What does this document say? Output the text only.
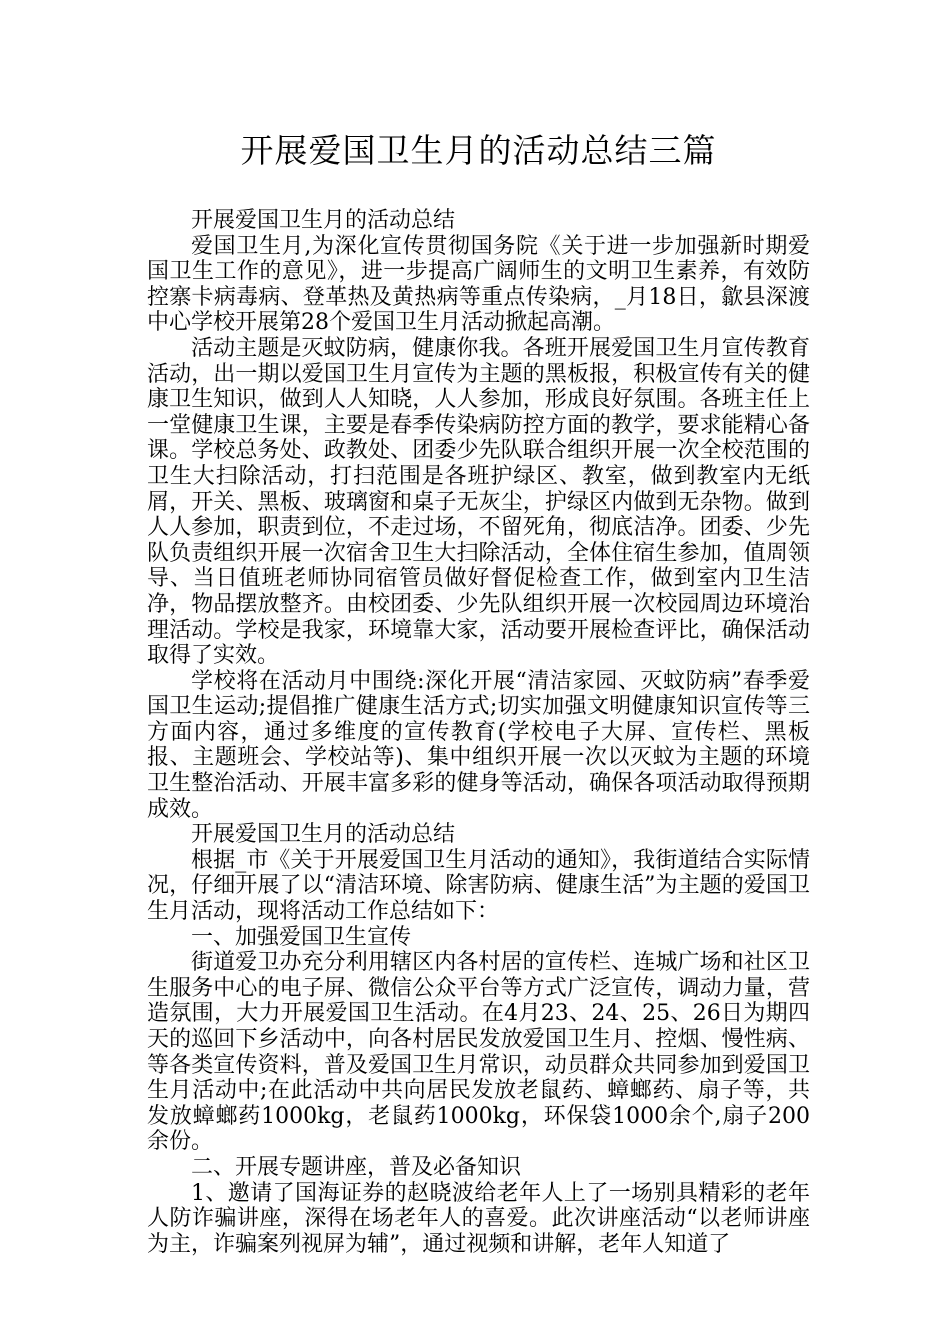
开展爱国卫生月的活动总结三篇

开展爱国卫生月的活动总结

爱国卫生月,为深化宣传贯彻国务院《关于进一步加强新时期爱国卫生工作的意见》，进一步提高广阔师生的文明卫生素养，有效防控寨卡病毒病、登革热及黄热病等重点传染病，_月18日，歙县深渡中心学校开展第28个爱国卫生月活动掀起高潮。

活动主题是灭蚊防病，健康你我。各班开展爱国卫生月宣传教育活动，出一期以爱国卫生月宣传为主题的黑板报，积极宣传有关的健康卫生知识，做到人人知晓，人人参加，形成良好氛围。各班主任上一堂健康卫生课，主要是春季传染病防控方面的教学，要求能精心备课。学校总务处、政教处、团委少先队联合组织开展一次全校范围的卫生大扫除活动，打扫范围是各班护绿区、教室，做到教室内无纸屑，开关、黑板、玻璃窗和桌子无灰尘，护绿区内做到无杂物。做到人人参加，职责到位，不走过场，不留死角，彻底洁净。团委、少先队负责组织开展一次宿舍卫生大扫除活动，全体住宿生参加，值周领导、当日值班老师协同宿管员做好督促检查工作，做到室内卫生洁净，物品摆放整齐。由校团委、少先队组织开展一次校园周边环境治理活动。学校是我家，环境靠大家，活动要开展检查评比，确保活动取得了实效。

学校将在活动月中围绕:深化开展“清洁家园、灭蚊防病”春季爱国卫生运动;提倡推广健康生活方式;切实加强文明健康知识宣传等三方面内容，通过多维度的宣传教育(学校电子大屏、宣传栏、黑板报、主题班会、学校站等)、集中组织开展一次以灭蚊为主题的环境卫生整治活动、开展丰富多彩的健身等活动，确保各项活动取得预期成效。

开展爱国卫生月的活动总结

根据_市《关于开展爱国卫生月活动的通知》，我街道结合实际情况，仔细开展了以“清洁环境、除害防病、健康生活”为主题的爱国卫生月活动，现将活动工作总结如下：

一、加强爱国卫生宣传

街道爱卫办充分利用辖区内各村居的宣传栏、连城广场和社区卫生服务中心的电子屏、微信公众平台等方式广泛宣传，调动力量，营造氛围，大力开展爱国卫生活动。在4月23、24、25、26日为期四天的巡回下乡活动中，向各村居民发放爱国卫生月、控烟、慢性病、等各类宣传资料，普及爱国卫生月常识，动员群众共同参加到爱国卫生月活动中;在此活动中共向居民发放老鼠药、蟑螂药、扇子等，共发放蟑螂药1000kg，老鼠药1000kg，环保袋1000余个,扇子200余份。

二、开展专题讲座，普及必备知识

1、邀请了国海证券的赵晓波给老年人上了一场别具精彩的老年人防诈骗讲座，深得在场老年人的喜爱。此次讲座活动“以老师讲座为主，诈骗案列视屏为辅”，通过视频和讲解，老年人知道了
